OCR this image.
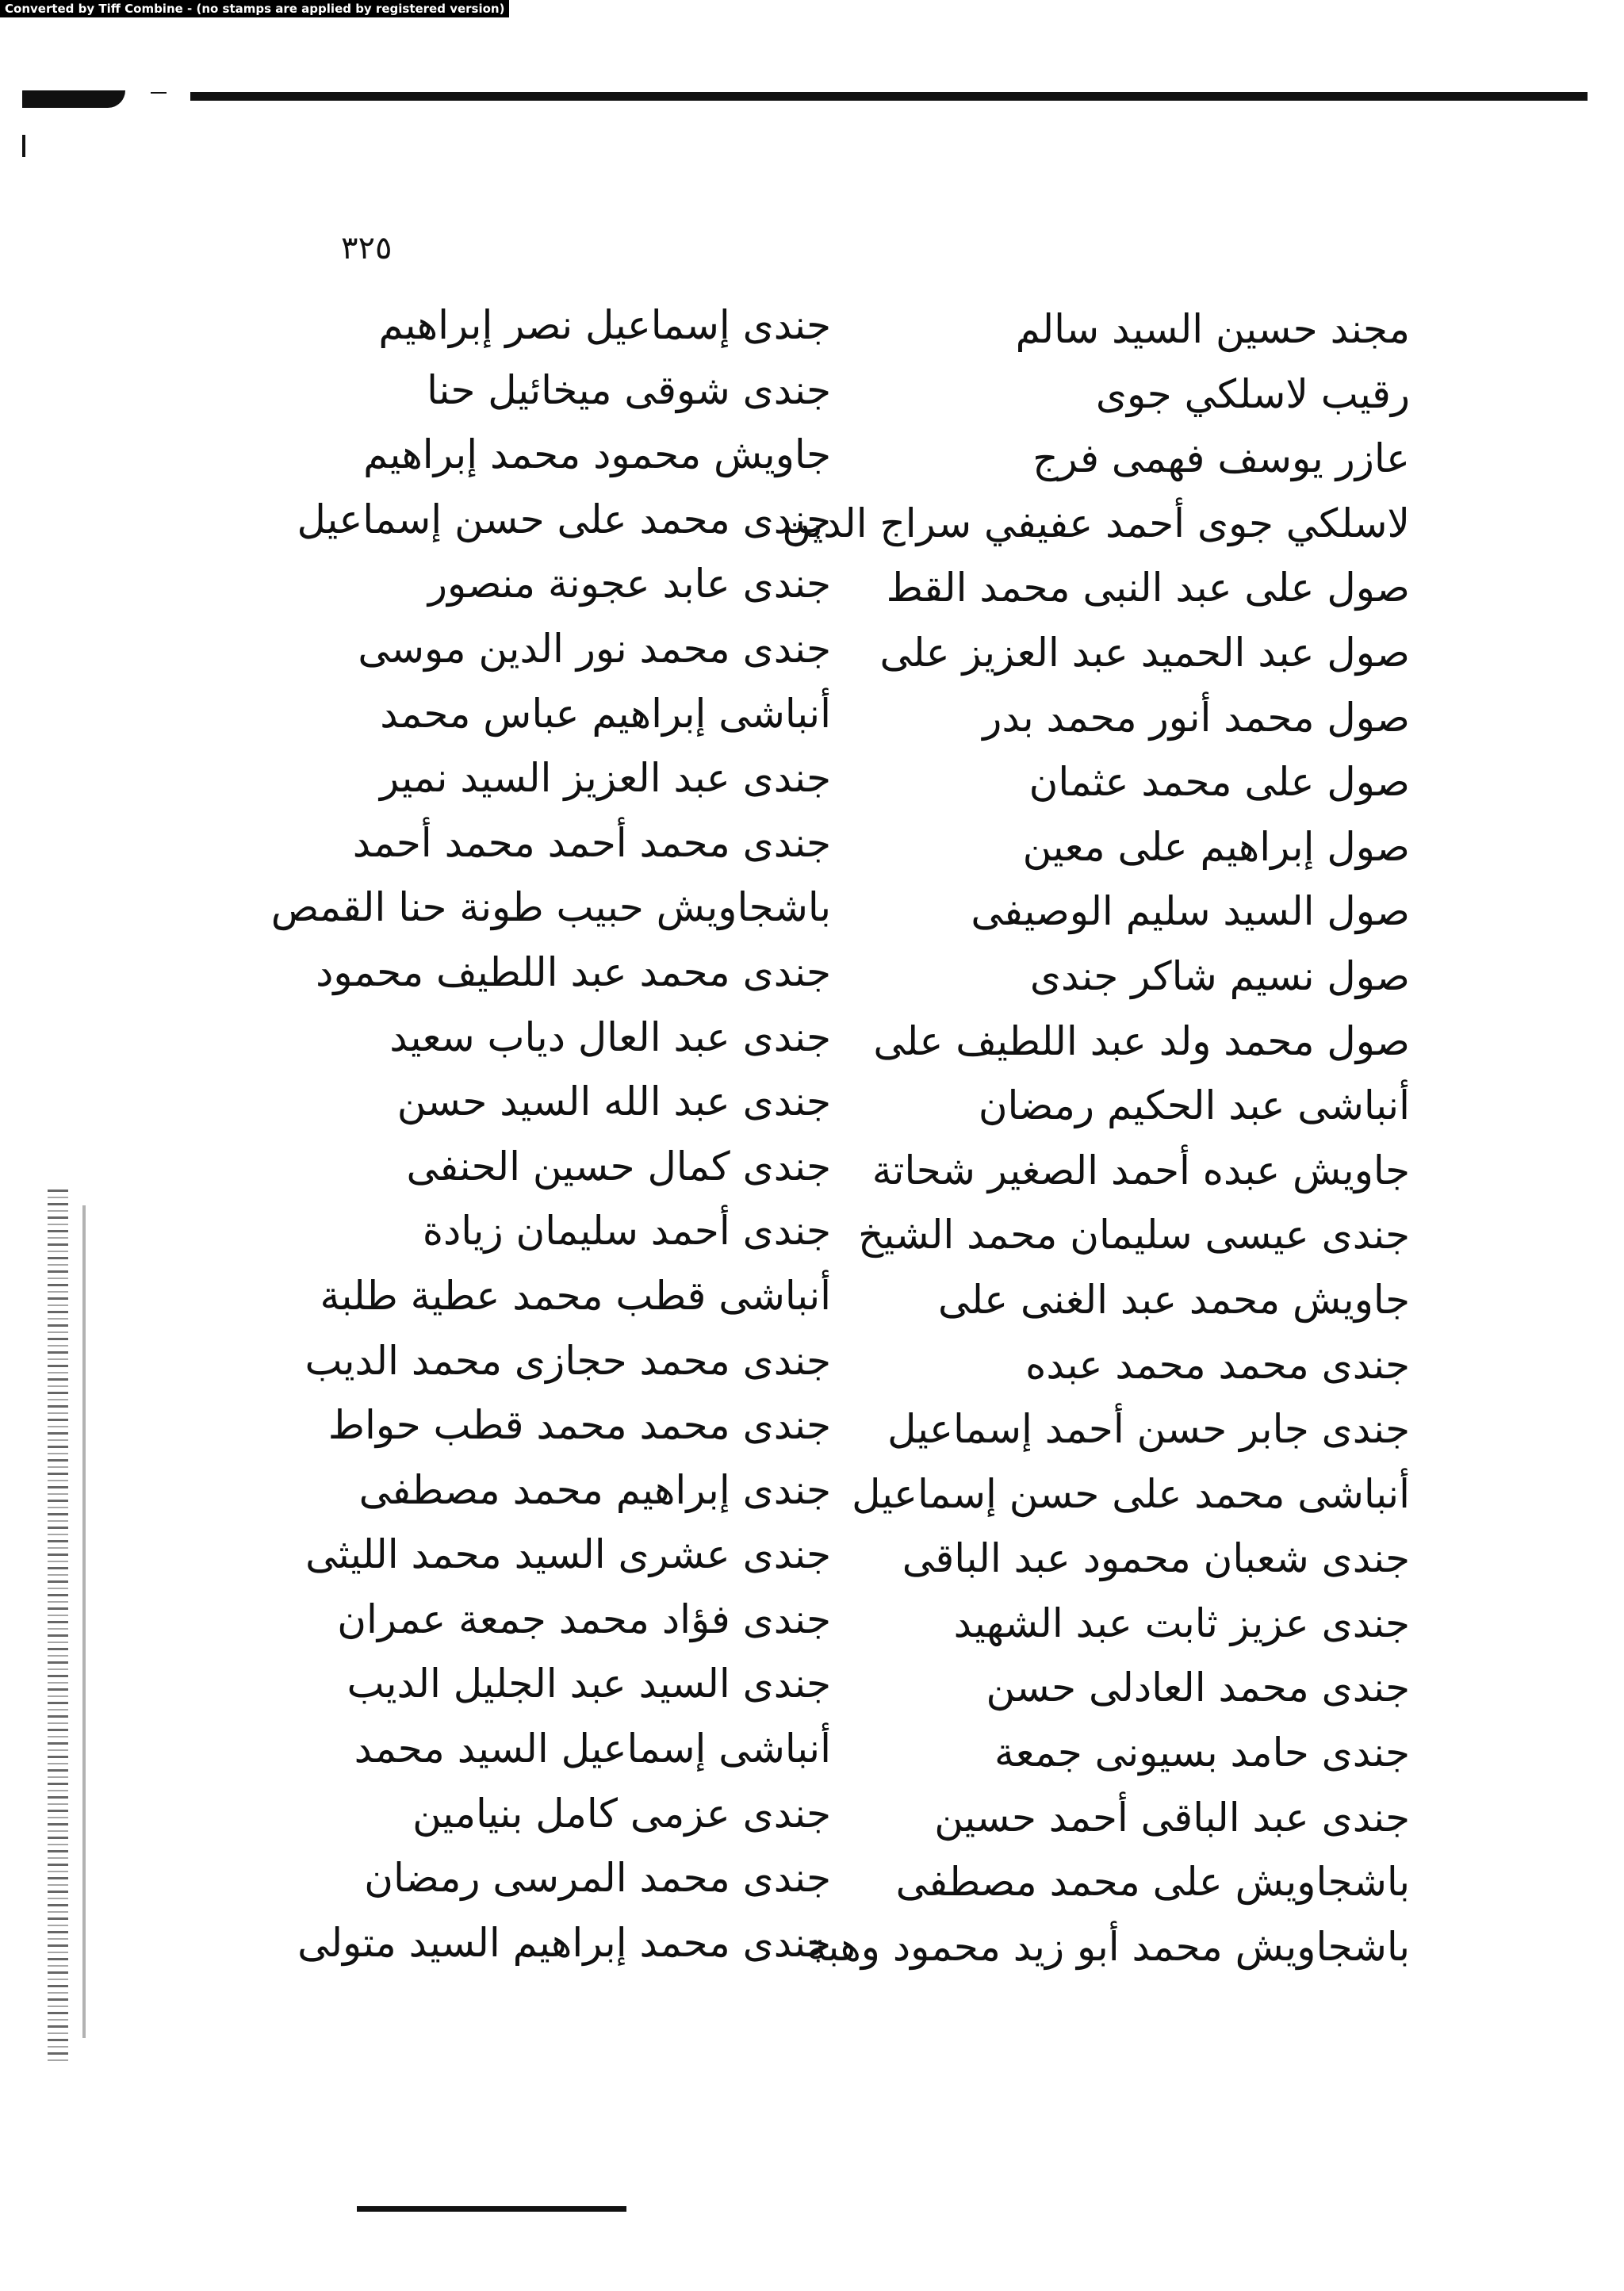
Converted by Tiff Combine - (no stamps are applied by registered version)
٣٢٥
مجند حسين السيد سالم
رقيب لاسلكي جوى
عازر يوسف فهمى فرج
لاسلكي جوى أحمد عفيفي سراج الدين
صول على عبد النبى محمد القط
صول عبد الحميد عبد العزيز على
صول محمد أنور محمد بدر
صول على محمد عثمان
صول إبراهيم على معين
صول السيد سليم الوصيفى
صول نسيم شاكر جندى
صول محمد ولد عبد اللطيف على
أنباشى عبد الحكيم رمضان
جاويش عبده أحمد الصغير شحاتة
جندى عيسى سليمان محمد الشيخ
جاويش محمد عبد الغنى على
جندى محمد محمد عبده
جندى جابر حسن أحمد إسماعيل
أنباشى محمد على حسن إسماعيل
جندى شعبان محمود عبد الباقى
جندى عزيز ثابت عبد الشهيد
جندى محمد العادلى حسن
جندى حامد بسيونى جمعة
جندى عبد الباقى أحمد حسين
باشجاويش على محمد مصطفى
باشجاويش محمد أبو زيد محمود وهبة
جندى إسماعيل نصر إبراهيم
جندى شوقى ميخائيل حنا
جاويش محمود محمد إبراهيم
جندى محمد على حسن إسماعيل
جندى عابد عجونة منصور
جندى محمد نور الدين موسى
أنباشى إبراهيم عباس محمد
جندى عبد العزيز السيد نمير
جندى محمد أحمد محمد أحمد
باشجاويش حبيب طونة حنا القمص
جندى محمد عبد اللطيف محمود
جندى عبد العال دياب سعيد
جندى عبد الله السيد حسن
جندى كمال حسين الحنفى
جندى أحمد سليمان زيادة
أنباشى قطب محمد عطية طلبة
جندى محمد حجازى محمد الديب
جندى محمد محمد قطب حواط
جندى إبراهيم محمد مصطفى
جندى عشرى السيد محمد الليثى
جندى فؤاد محمد جمعة عمران
جندى السيد عبد الجليل الديب
أنباشى إسماعيل السيد محمد
جندى عزمى كامل بنيامين
جندى محمد المرسى رمضان
جندى محمد إبراهيم السيد متولى
